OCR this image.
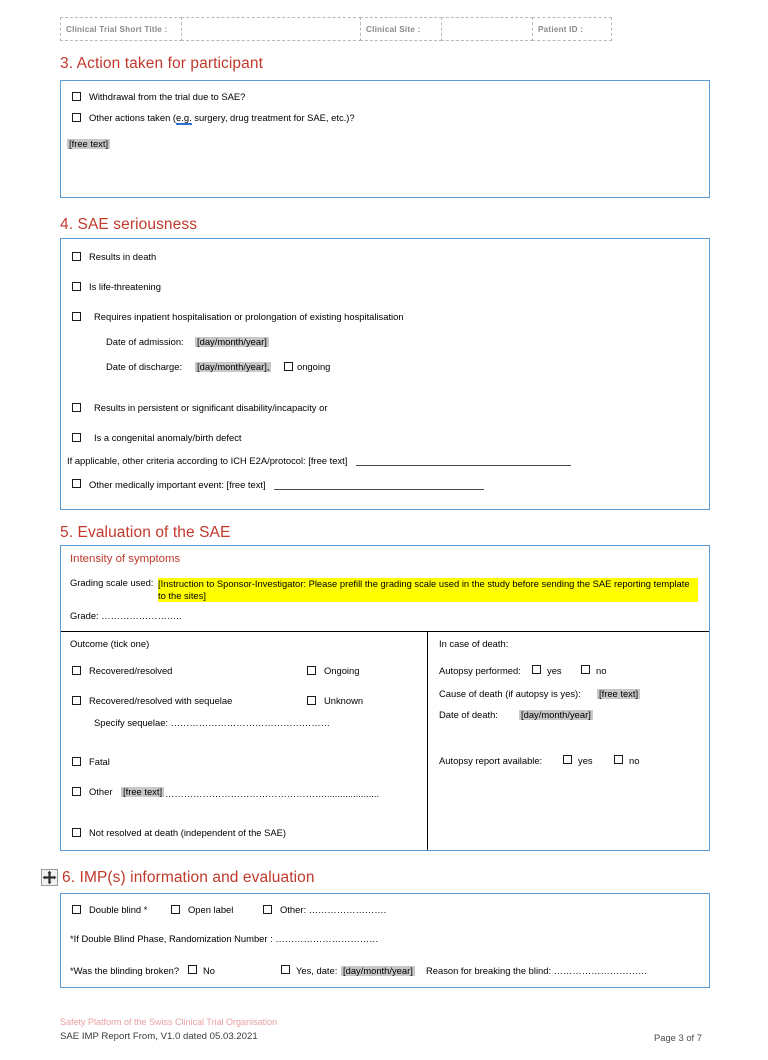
Clinical Trial Short Title :	Clinical Site :	Patient ID :
3. Action taken for participant
Withdrawal from the trial due to SAE?
Other actions taken (e.g. surgery, drug treatment for SAE, etc.)?
[free text]
4. SAE seriousness
Results in death
Is life-threatening
Requires inpatient hospitalisation or prolongation of existing hospitalisation
Date of admission: [day/month/year]
Date of discharge: [day/month/year],	ongoing
Results in persistent or significant disability/incapacity or
Is a congenital anomaly/birth defect
If applicable, other criteria according to ICH E2A/protocol: [free text]
Other medically important event: [free text]
5. Evaluation of the SAE
Intensity of symptoms
Grading scale used: [Instruction to Sponsor-Investigator: Please prefill the grading scale used in the study before sending the SAE reporting template to the sites]
Grade: ……………………..
Outcome (tick one)
Recovered/resolved	Ongoing
Recovered/resolved with sequelae	Unknown
Specify sequelae: ……………………………………………
Fatal
Other [free text] …………………………………………….....................
Not resolved at death (independent of the SAE)
In case of death:
Autopsy performed:	yes	no
Cause of death (if autopsy is yes): [free text]
Date of death: [day/month/year]
Autopsy report available:	yes	no
6. IMP(s) information and evaluation
Double blind *	Open label	Other: …………………….
*If Double Blind Phase, Randomization Number : ……………………………
*Was the blinding broken?	No	Yes, date: [day/month/year] Reason for breaking the blind: …………………………
Safety Platform of the Swiss Clinical Trial Organisation
SAE IMP Report From, V1.0 dated 05.03.2021	Page 3 of 7
